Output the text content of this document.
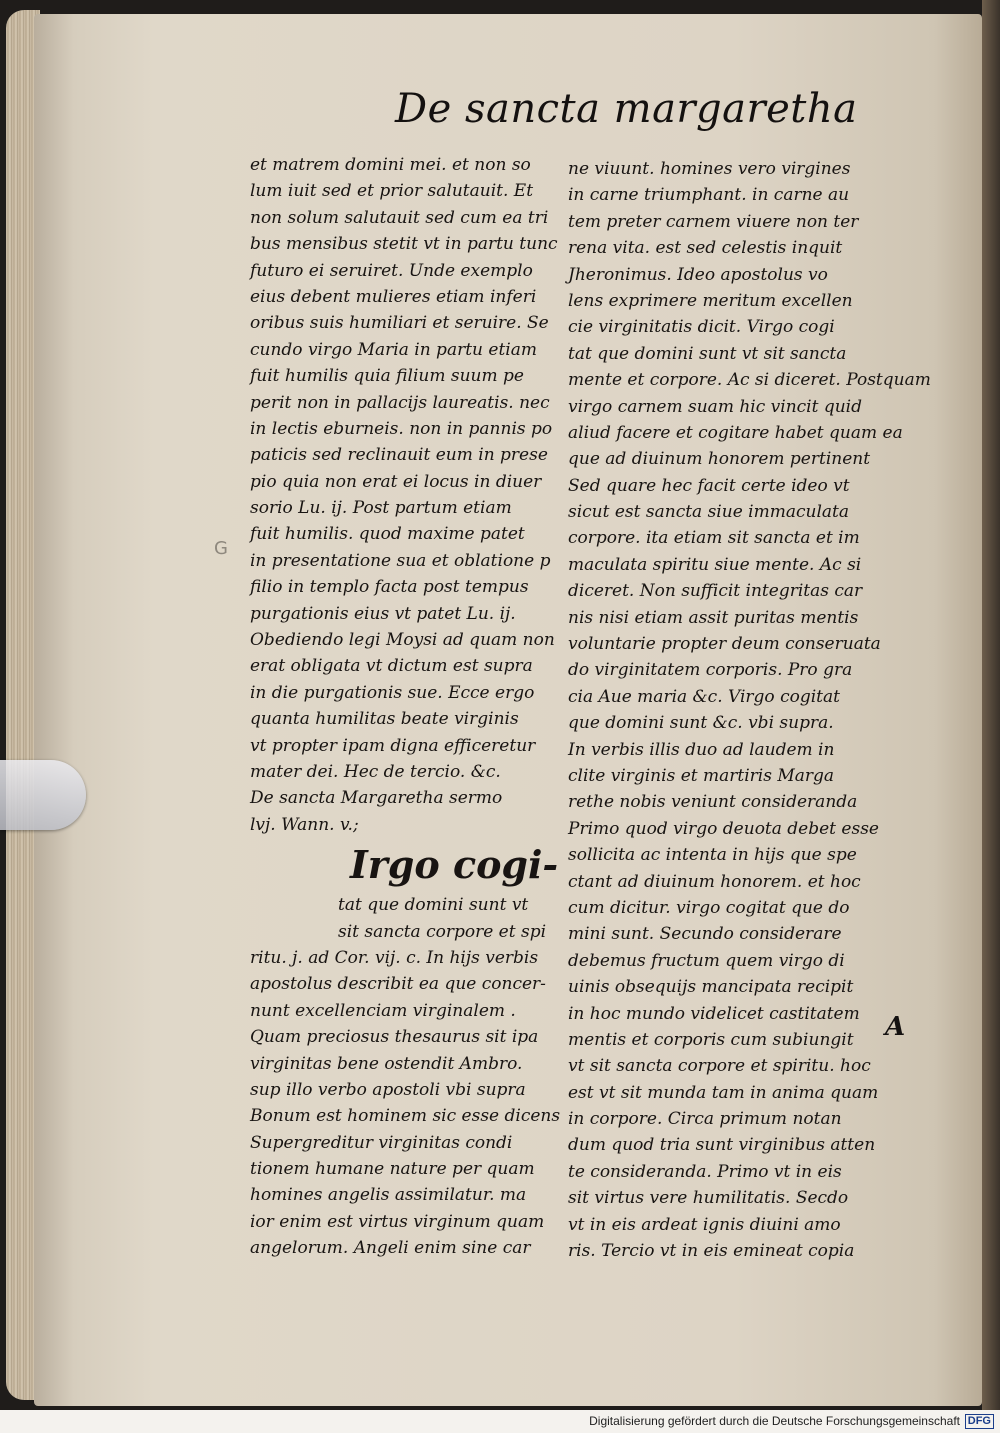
De sancta margaretha
et matrem domini mei. et non so
lum iuit sed et prior salutauit. Et
non solum salutauit sed cum ea tri
bus mensibus stetit vt in partu tunc
futuro ei seruiret. Unde exemplo
eius debent mulieres etiam inferi
oribus suis humiliari et seruire. Se
cundo virgo Maria in partu etiam
fuit humilis quia filium suum pe
perit non in pallacijs laureatis. nec
in lectis eburneis. non in pannis po
paticis sed reclinauit eum in prese
pio quia non erat ei locus in diuer
sorio Lu. ij. Post partum etiam
fuit humilis. quod maxime patet
in presentatione sua et oblatione p
filio in templo facta post tempus
purgationis eius vt patet Lu. ij.
Obediendo legi Moysi ad quam non
erat obligata vt dictum est supra
in die purgationis sue. Ecce ergo
quanta humilitas beate virginis
vt propter ipam digna efficeretur
mater dei. Hec de tercio. &c.
De sancta Margaretha sermo
lvj. Wann. v.;
Irgo cogi-
tat que domini sunt vt
sit sancta corpore et spi
ritu. j. ad Cor. vij. c. In hijs verbis
apostolus describit ea que concer-
nunt excellenciam virginalem .
Quam preciosus thesaurus sit ipa
virginitas bene ostendit Ambro.
sup illo verbo apostoli vbi supra
Bonum est hominem sic esse dicens
Supergreditur virginitas condi
tionem humane nature per quam
homines angelis assimilatur. ma
ior enim est virtus virginum quam
angelorum. Angeli enim sine car
ne viuunt. homines vero virgines
in carne triumphant. in carne au
tem preter carnem viuere non ter
rena vita. est sed celestis inquit
Jheronimus. Ideo apostolus vo
lens exprimere meritum excellen
cie virginitatis dicit. Virgo cogi
tat que domini sunt vt sit sancta
mente et corpore. Ac si diceret. Postquam
virgo carnem suam hic vincit quid
aliud facere et cogitare habet quam ea
que ad diuinum honorem pertinent
Sed quare hec facit certe ideo vt
sicut est sancta siue immaculata
corpore. ita etiam sit sancta et im
maculata spiritu siue mente. Ac si
diceret. Non sufficit integritas car
nis nisi etiam assit puritas mentis
voluntarie propter deum conseruata
do virginitatem corporis. Pro gra
cia Aue maria &c. Virgo cogitat
que domini sunt &c. vbi supra.
In verbis illis duo ad laudem in
clite virginis et martiris Marga
rethe nobis veniunt consideranda
Primo quod virgo deuota debet esse
sollicita ac intenta in hijs que spe
ctant ad diuinum honorem. et hoc
cum dicitur. virgo cogitat que do
mini sunt. Secundo considerare
debemus fructum quem virgo di
uinis obsequijs mancipata recipit
in hoc mundo videlicet castitatem
mentis et corporis cum subiungit
vt sit sancta corpore et spiritu. hoc
est vt sit munda tam in anima quam
in corpore. Circa primum notan
dum quod tria sunt virginibus atten
te consideranda. Primo vt in eis
sit virtus vere humilitatis. Secdo
vt in eis ardeat ignis diuini amo
ris. Tercio vt in eis emineat copia
A
G
Digitalisierung gefördert durch die Deutsche Forschungsgemeinschaft DFG
